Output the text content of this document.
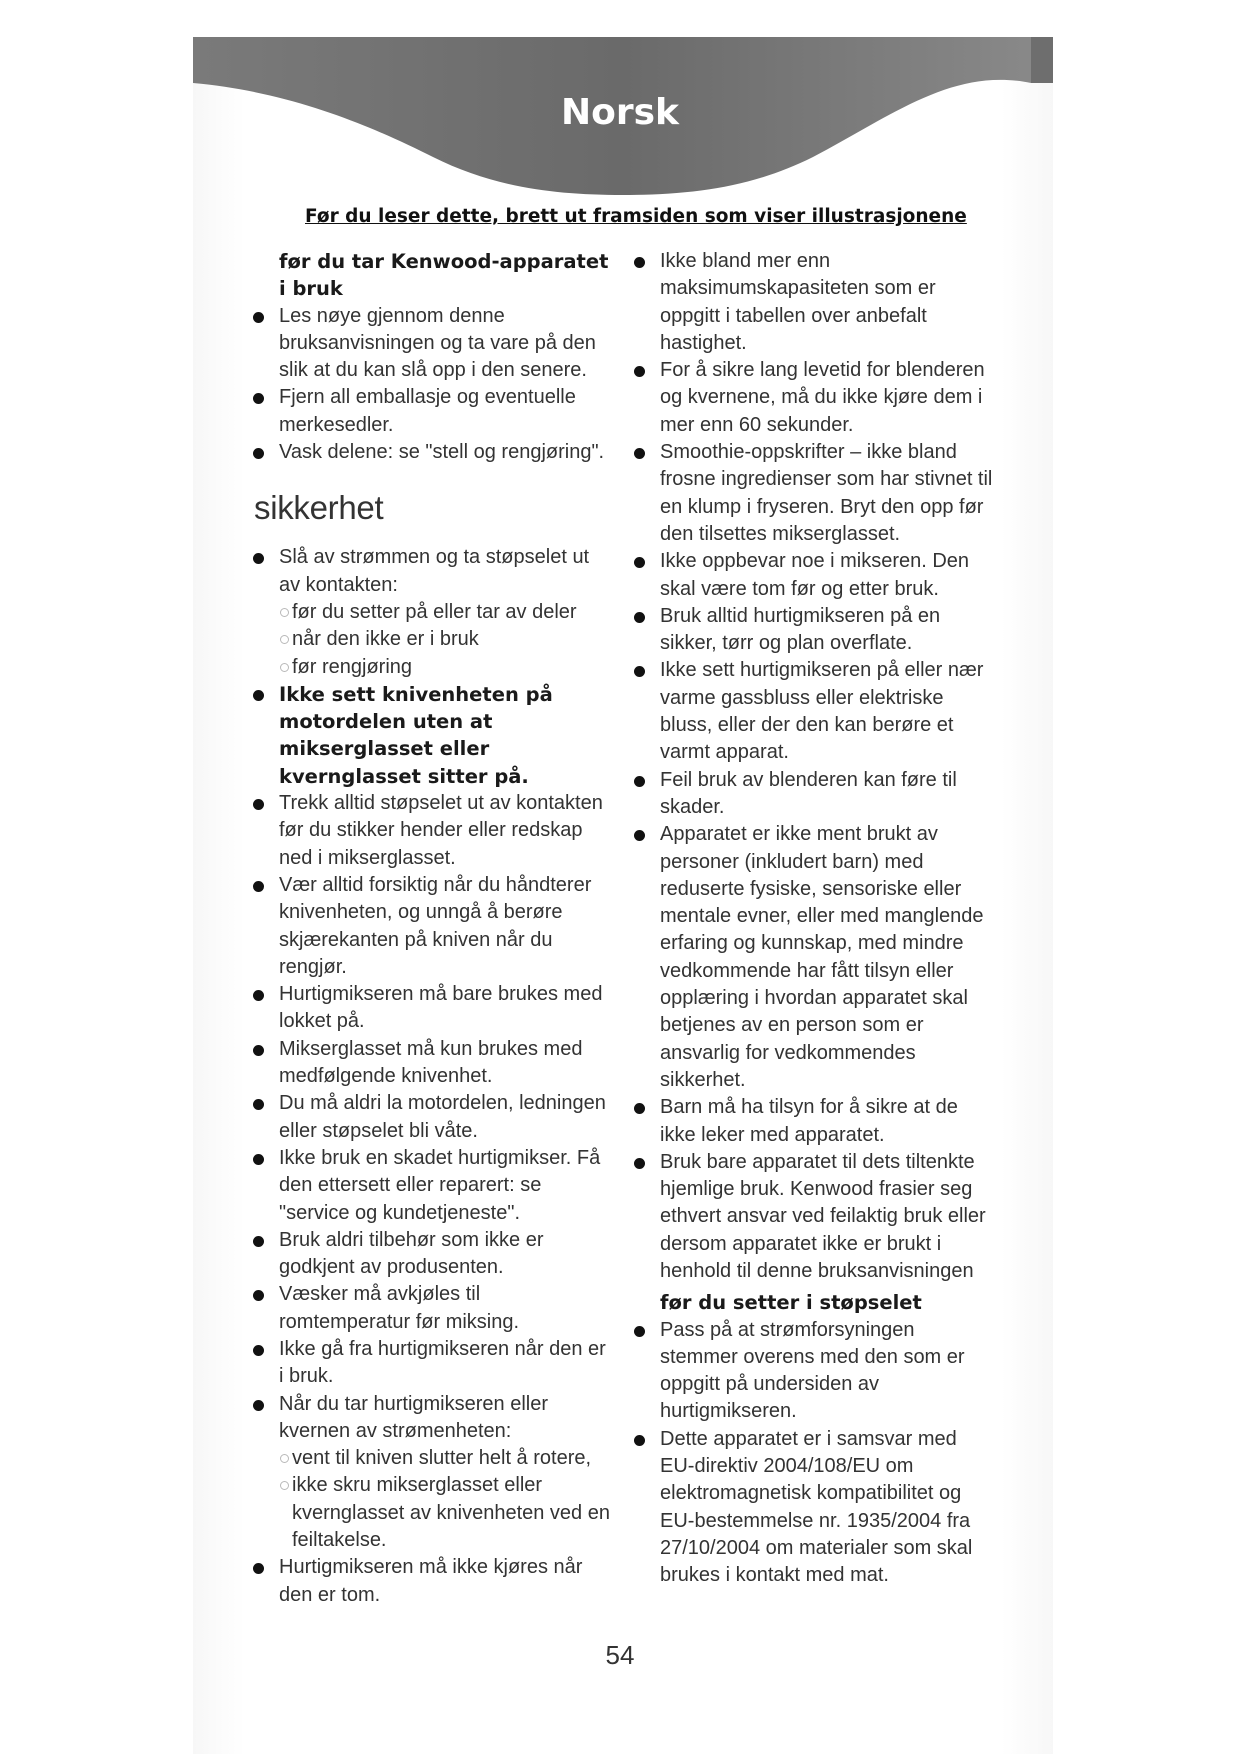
Norsk
Før du leser dette, brett ut framsiden som viser illustrasjonene

før du tar Kenwood-apparatet i bruk

Les nøye gjennom denne bruksanvisningen og ta vare på den slik at du kan slå opp i den senere.
Fjern all emballasje og eventuelle merkesedler.
Vask delene: se "stell og rengjøring".
sikkerhet
Slå av strømmen og ta støpselet ut av kontakten:
før du setter på eller tar av deler
når den ikke er i bruk
før rengjøring
Ikke sett knivenheten på motordelen uten at mikserglasset eller kvernglasset sitter på.
Trekk alltid støpselet ut av kontakten før du stikker hender eller redskap ned i mikserglasset.
Vær alltid forsiktig når du håndterer knivenheten, og unngå å berøre skjærekanten på kniven når du rengjør.
Hurtigmikseren må bare brukes med lokket på.
Mikserglasset må kun brukes med medfølgende knivenhet.
Du må aldri la motordelen, ledningen eller støpselet bli våte.
Ikke bruk en skadet hurtigmikser. Få den ettersett eller reparert: se "service og kundetjeneste".
Bruk aldri tilbehør som ikke er godkjent av produsenten.
Væsker må avkjøles til romtemperatur før miksing.
Ikke gå fra hurtigmikseren når den er i bruk.
Når du tar hurtigmikseren eller kvernen av strømenheten:
vent til kniven slutter helt å rotere,
ikke skru mikserglasset eller kvernglasset av knivenheten ved en feiltakelse.
Hurtigmikseren må ikke kjøres når den er tom.
Ikke bland mer enn maksimumskapasiteten som er oppgitt i tabellen over anbefalt hastighet.
For å sikre lang levetid for blenderen og kvernene, må du ikke kjøre dem i mer enn 60 sekunder.
Smoothie-oppskrifter – ikke bland frosne ingredienser som har stivnet til en klump i fryseren. Bryt den opp før den tilsettes mikserglasset.
Ikke oppbevar noe i mikseren. Den skal være tom før og etter bruk.
Bruk alltid hurtigmikseren på en sikker, tørr og plan overflate.
Ikke sett hurtigmikseren på eller nær varme gassbluss eller elektriske bluss, eller der den kan berøre et varmt apparat.
Feil bruk av blenderen kan føre til skader.
Apparatet er ikke ment brukt av personer (inkludert barn) med reduserte fysiske, sensoriske eller mentale evner, eller med manglende erfaring og kunnskap, med mindre vedkommende har fått tilsyn eller opplæring i hvordan apparatet skal betjenes av en person som er ansvarlig for vedkommendes sikkerhet.
Barn må ha tilsyn for å sikre at de ikke leker med apparatet.
Bruk bare apparatet til dets tiltenkte hjemlige bruk. Kenwood frasier seg ethvert ansvar ved feilaktig bruk eller dersom apparatet ikke er brukt i henhold til denne bruksanvisningen

før du setter i støpselet

Pass på at strømforsyningen stemmer overens med den som er oppgitt på undersiden av hurtigmikseren.
Dette apparatet er i samsvar med EU-direktiv 2004/108/EU om elektromagnetisk kompatibilitet og EU-bestemmelse nr. 1935/2004 fra 27/10/2004 om materialer som skal brukes i kontakt med mat.
54
